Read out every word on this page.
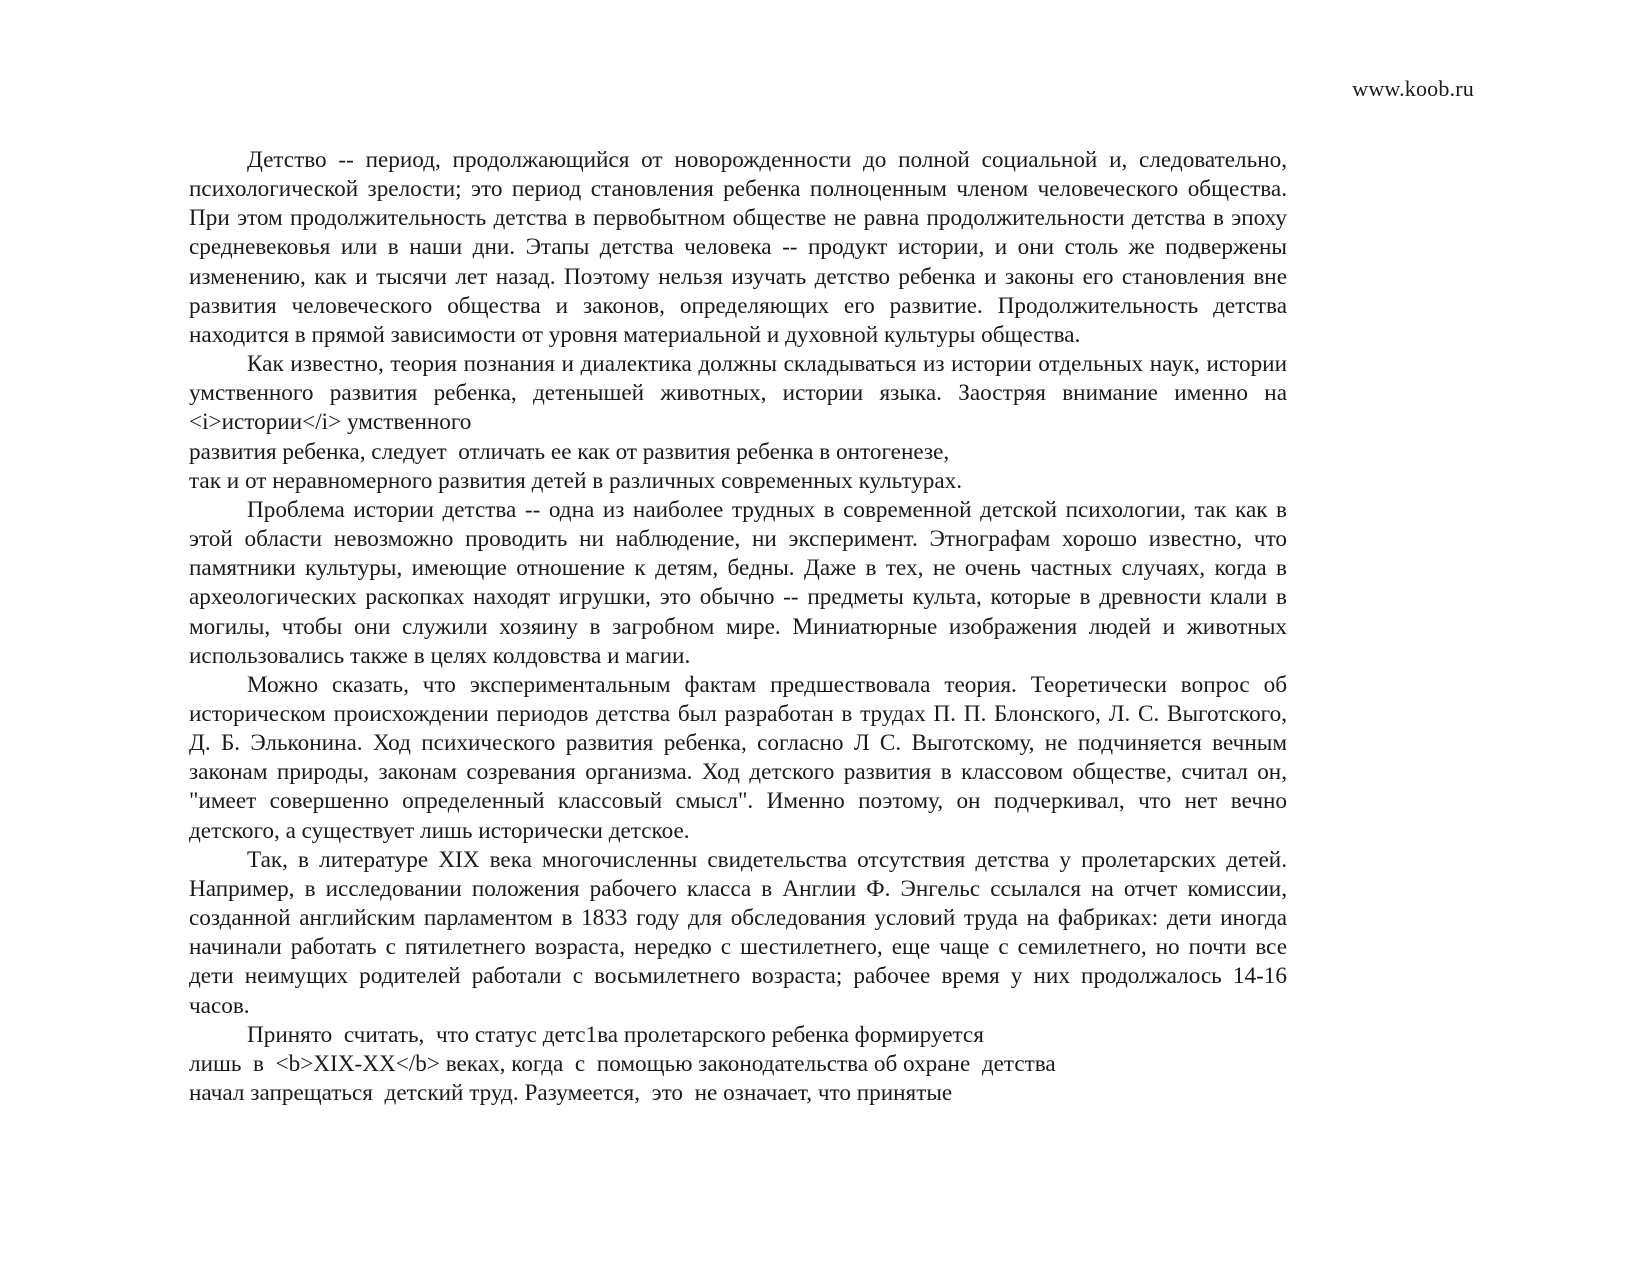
www.koob.ru

Детство -- период, продолжающийся от новорожденности до полной социальной и, следовательно, психологической зрелости; это период становления ребенка полноценным членом человеческого общества. При этом продолжительность детства в первобытном обществе не равна продолжительности детства в эпоху средневековья или в наши дни. Этапы детства человека -- продукт истории, и они столь же подвержены изменению, как и тысячи лет назад. Поэтому нельзя изучать детство ребенка и законы его становления вне развития человеческого общества и законов, определяющих его развитие. Продолжительность детства находится в прямой зависимости от уровня материальной и духовной культуры общества.

Как известно, теория познания и диалектика должны складываться из истории отдельных наук, истории умственного развития ребенка, детенышей животных, истории языка. Заостряя внимание именно на <i>истории</i> умственного

развития ребенка, следует  отличать ее как от развития ребенка в онтогенезе,
так и от неравномерного развития детей в различных современных культурах.

Проблема истории детства -- одна из наиболее трудных в современной детской психологии, так как в этой области невозможно проводить ни наблюдение, ни эксперимент. Этнографам хорошо известно, что памятники культуры, имеющие отношение к детям, бедны. Даже в тех, не очень частных случаях, когда в археологических раскопках находят игрушки, это обычно -- предметы культа, которые в древности клали в могилы, чтобы они служили хозяину в загробном мире. Миниатюрные изображения людей и животных использовались также в целях колдовства и магии.

Можно сказать, что экспериментальным фактам предшествовала теория. Теоретически вопрос об историческом происхождении периодов детства был разработан в трудах П. П. Блонского, Л. С. Выготского, Д. Б. Эльконина. Ход психического развития ребенка, согласно Л С. Выготскому, не подчиняется вечным законам природы, законам созревания организма. Ход детского развития в классовом обществе, считал он, "имеет совершенно определенный классовый смысл". Именно поэтому, он подчеркивал, что нет вечно детского, а существует лишь исторически детское.

Так, в литературе XIX века многочисленны свидетельства отсутствия детства у пролетарских детей. Например, в исследовании положения рабочего класса в Англии Ф. Энгельс ссылался на отчет комиссии, созданной английским парламентом в 1833 году для обследования условий труда на фабриках: дети иногда начинали работать с пятилетнего возраста, нередко с шестилетнего, еще чаще с семилетнего, но почти все дети неимущих родителей работали с восьмилетнего возраста; рабочее время у них продолжалось 14-16 часов.

Принято  считать,  что статус детс1ва пролетарского ребенка формируется
лишь  в  <b>XIX-XX</b> веках, когда  с  помощью законодательства об охране  детства
начал запрещаться  детский труд. Разумеется,  это  не означает, что принятые
